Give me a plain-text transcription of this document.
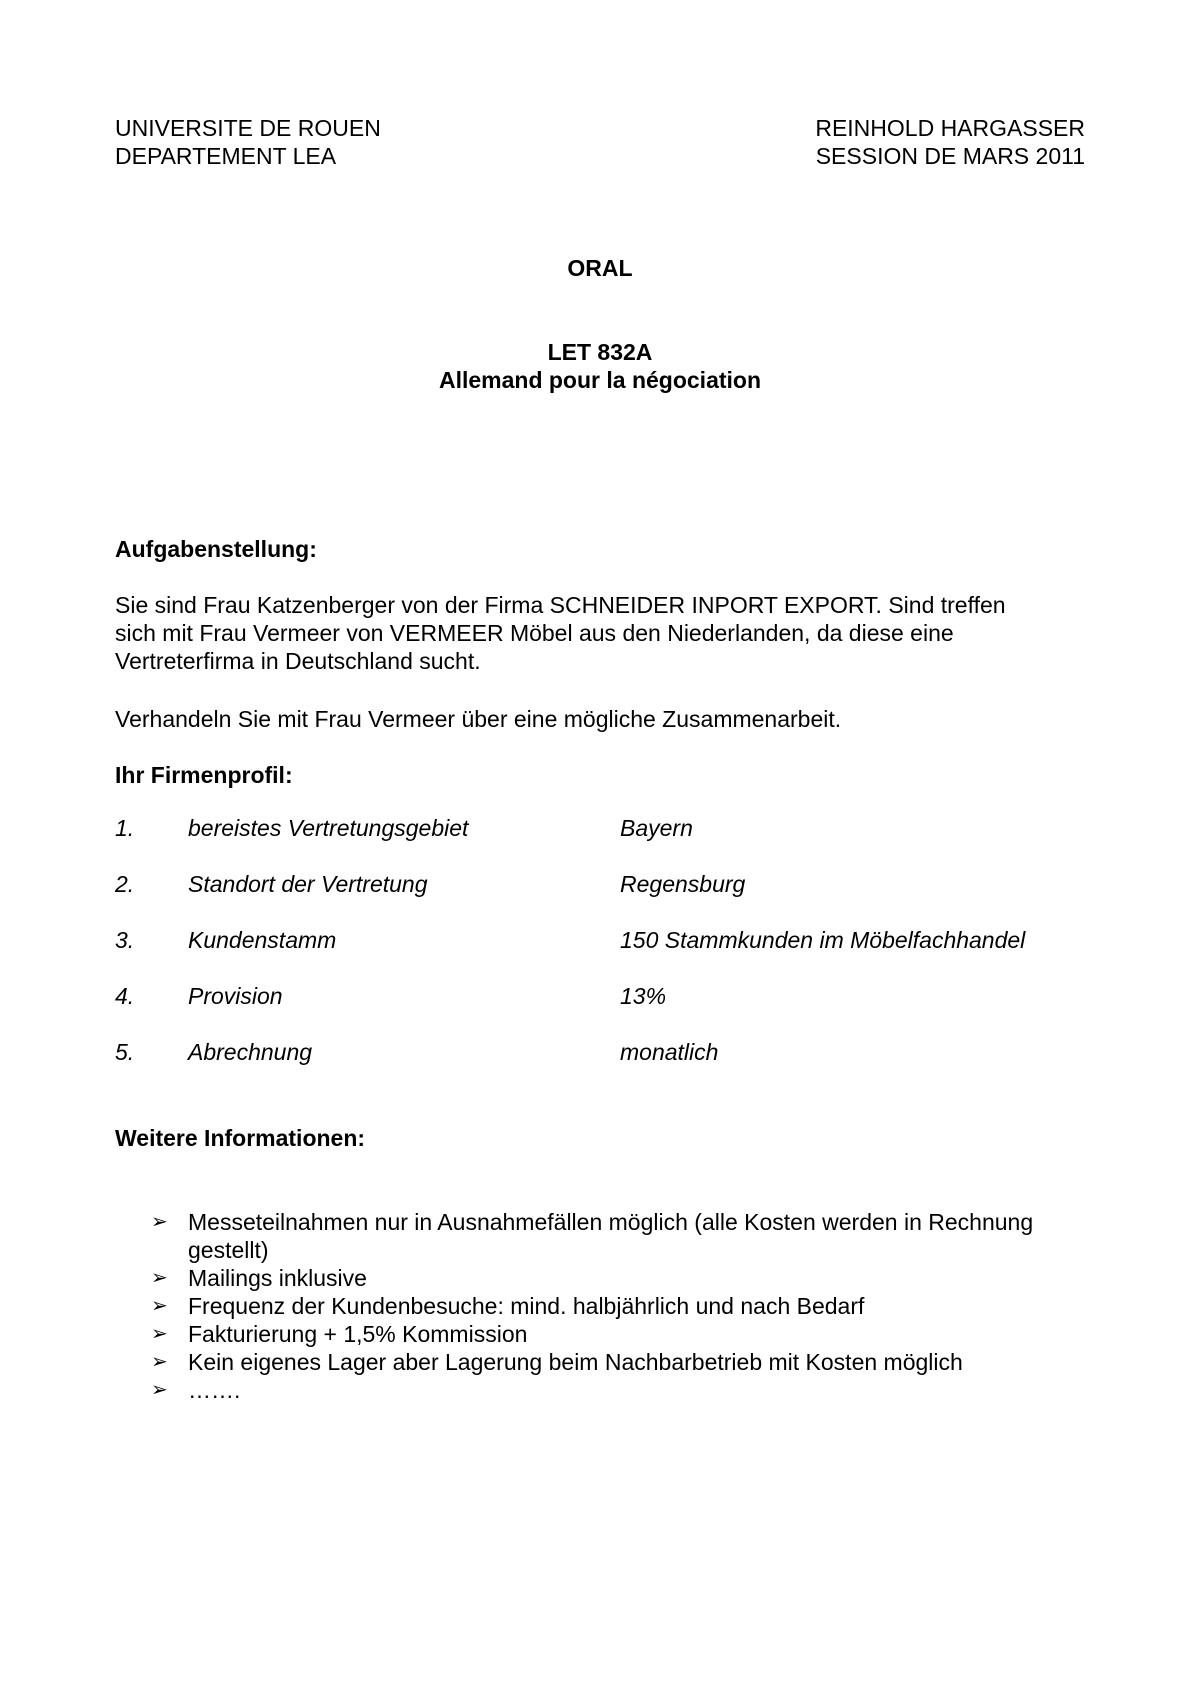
UNIVERSITE DE ROUEN	REINHOLD HARGASSER
DEPARTEMENT LEA	SESSION DE MARS 2011
ORAL
LET 832A
Allemand pour la négociation
Aufgabenstellung:
Sie sind Frau Katzenberger von der Firma SCHNEIDER INPORT EXPORT. Sind treffen
sich mit Frau Vermeer von VERMEER Möbel aus den Niederlanden, da diese eine
Vertreterfirma in Deutschland sucht.
Verhandeln Sie mit Frau Vermeer über eine mögliche Zusammenarbeit.
Ihr Firmenprofil:
1.	bereistes Vertretungsgebiet	Bayern
2.	Standort der Vertretung	Regensburg
3.	Kundenstamm	150 Stammkunden im Möbelfachhandel
4.	Provision	13%
5.	Abrechnung	monatlich
Weitere Informationen:
➢ Messeteilnahmen nur in Ausnahmefällen möglich (alle Kosten werden in Rechnung
gestellt)
➢ Mailings inklusive
➢ Frequenz der Kundenbesuche: mind. halbjährlich und nach Bedarf
➢ Fakturierung + 1,5% Kommission
➢ Kein eigenes Lager aber Lagerung beim Nachbarbetrieb mit Kosten möglich
➢ …….
